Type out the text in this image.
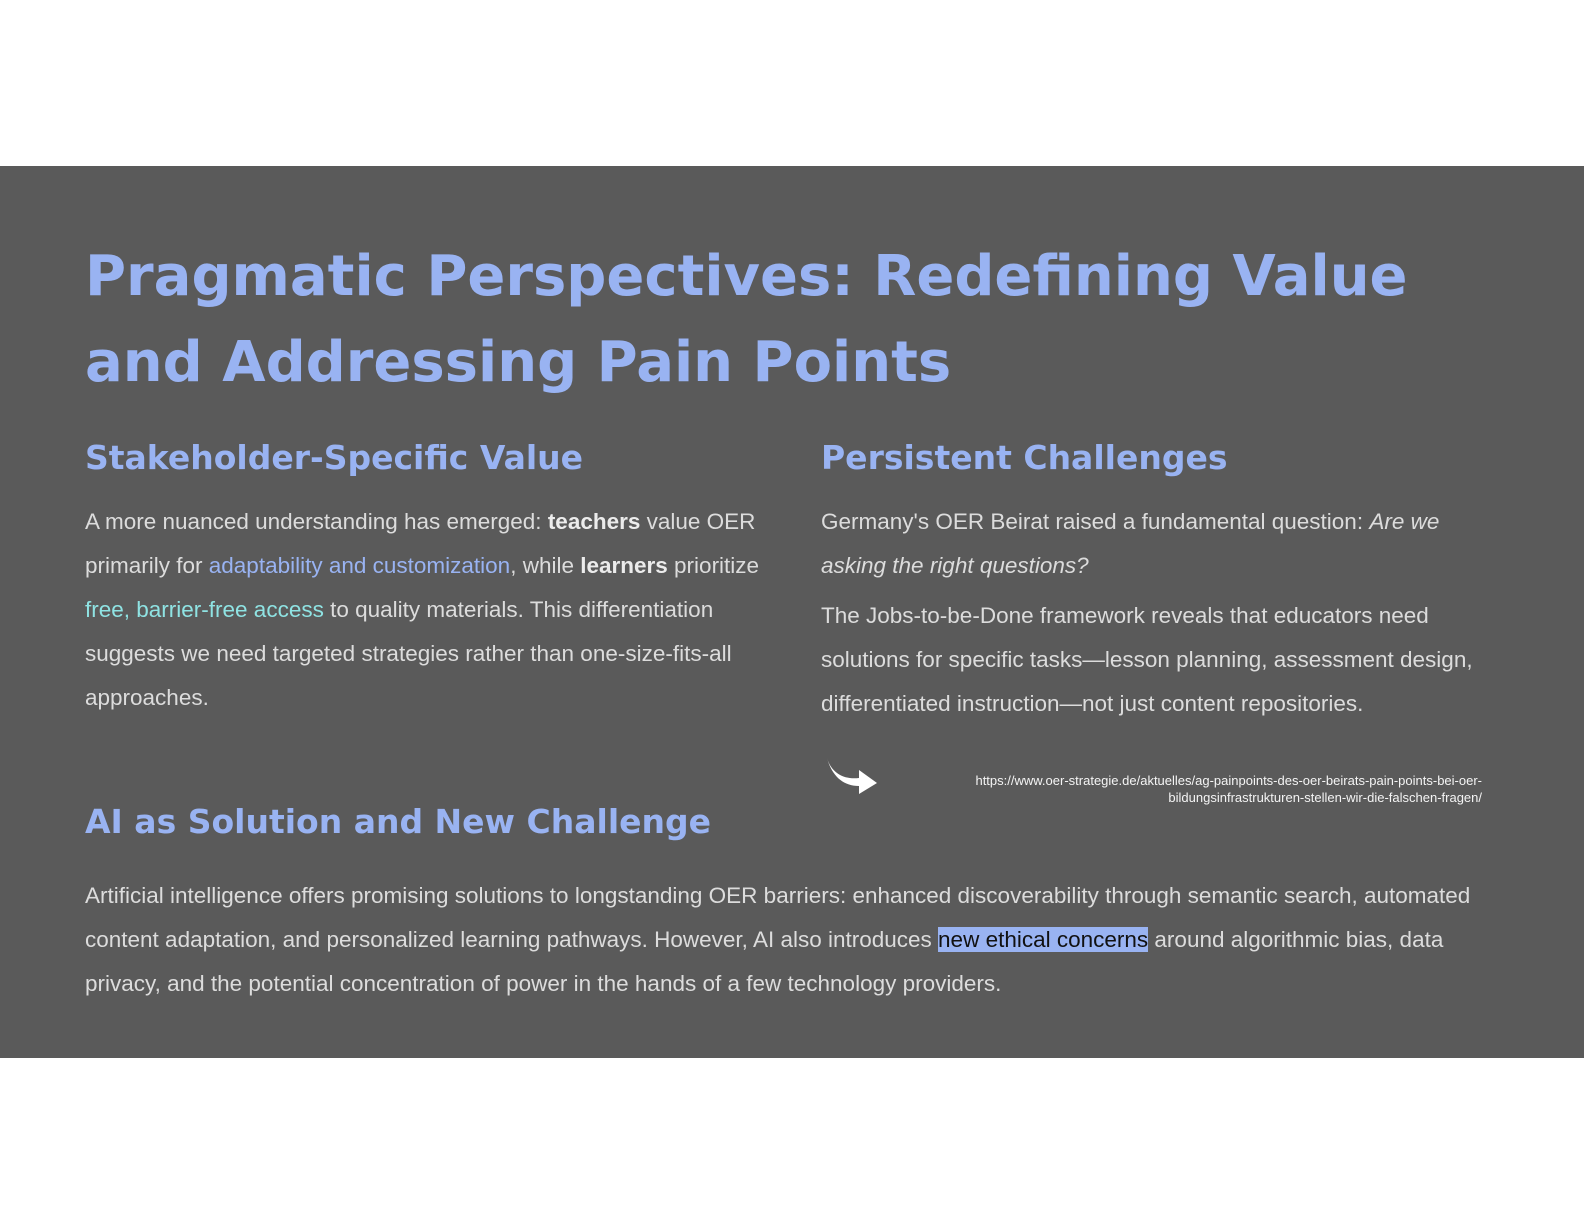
Pragmatic Perspectives: Redefining Value and Addressing Pain Points
Stakeholder-Specific Value

A more nuanced understanding has emerged: teachers value OER primarily for adaptability and customization, while learners prioritize free, barrier-free access to quality materials. This differentiation suggests we need targeted strategies rather than one-size-fits-all approaches.

Persistent Challenges

Germany's OER Beirat raised a fundamental question: Are we asking the right questions?

The Jobs-to-be-Done framework reveals that educators need solutions for specific tasks—lesson planning, assessment design, differentiated instruction—not just content repositories.

https://www.oer-strategie.de/aktuelles/ag-painpoints-des-oer-beirats-pain-points-bei-oer-
bildungsinfrastrukturen-stellen-wir-die-falschen-fragen/

AI as Solution and New Challenge

Artificial intelligence offers promising solutions to longstanding OER barriers: enhanced discoverability through semantic search, automated content adaptation, and personalized learning pathways. However, AI also introduces new ethical concerns around algorithmic bias, data privacy, and the potential concentration of power in the hands of a few technology providers.
